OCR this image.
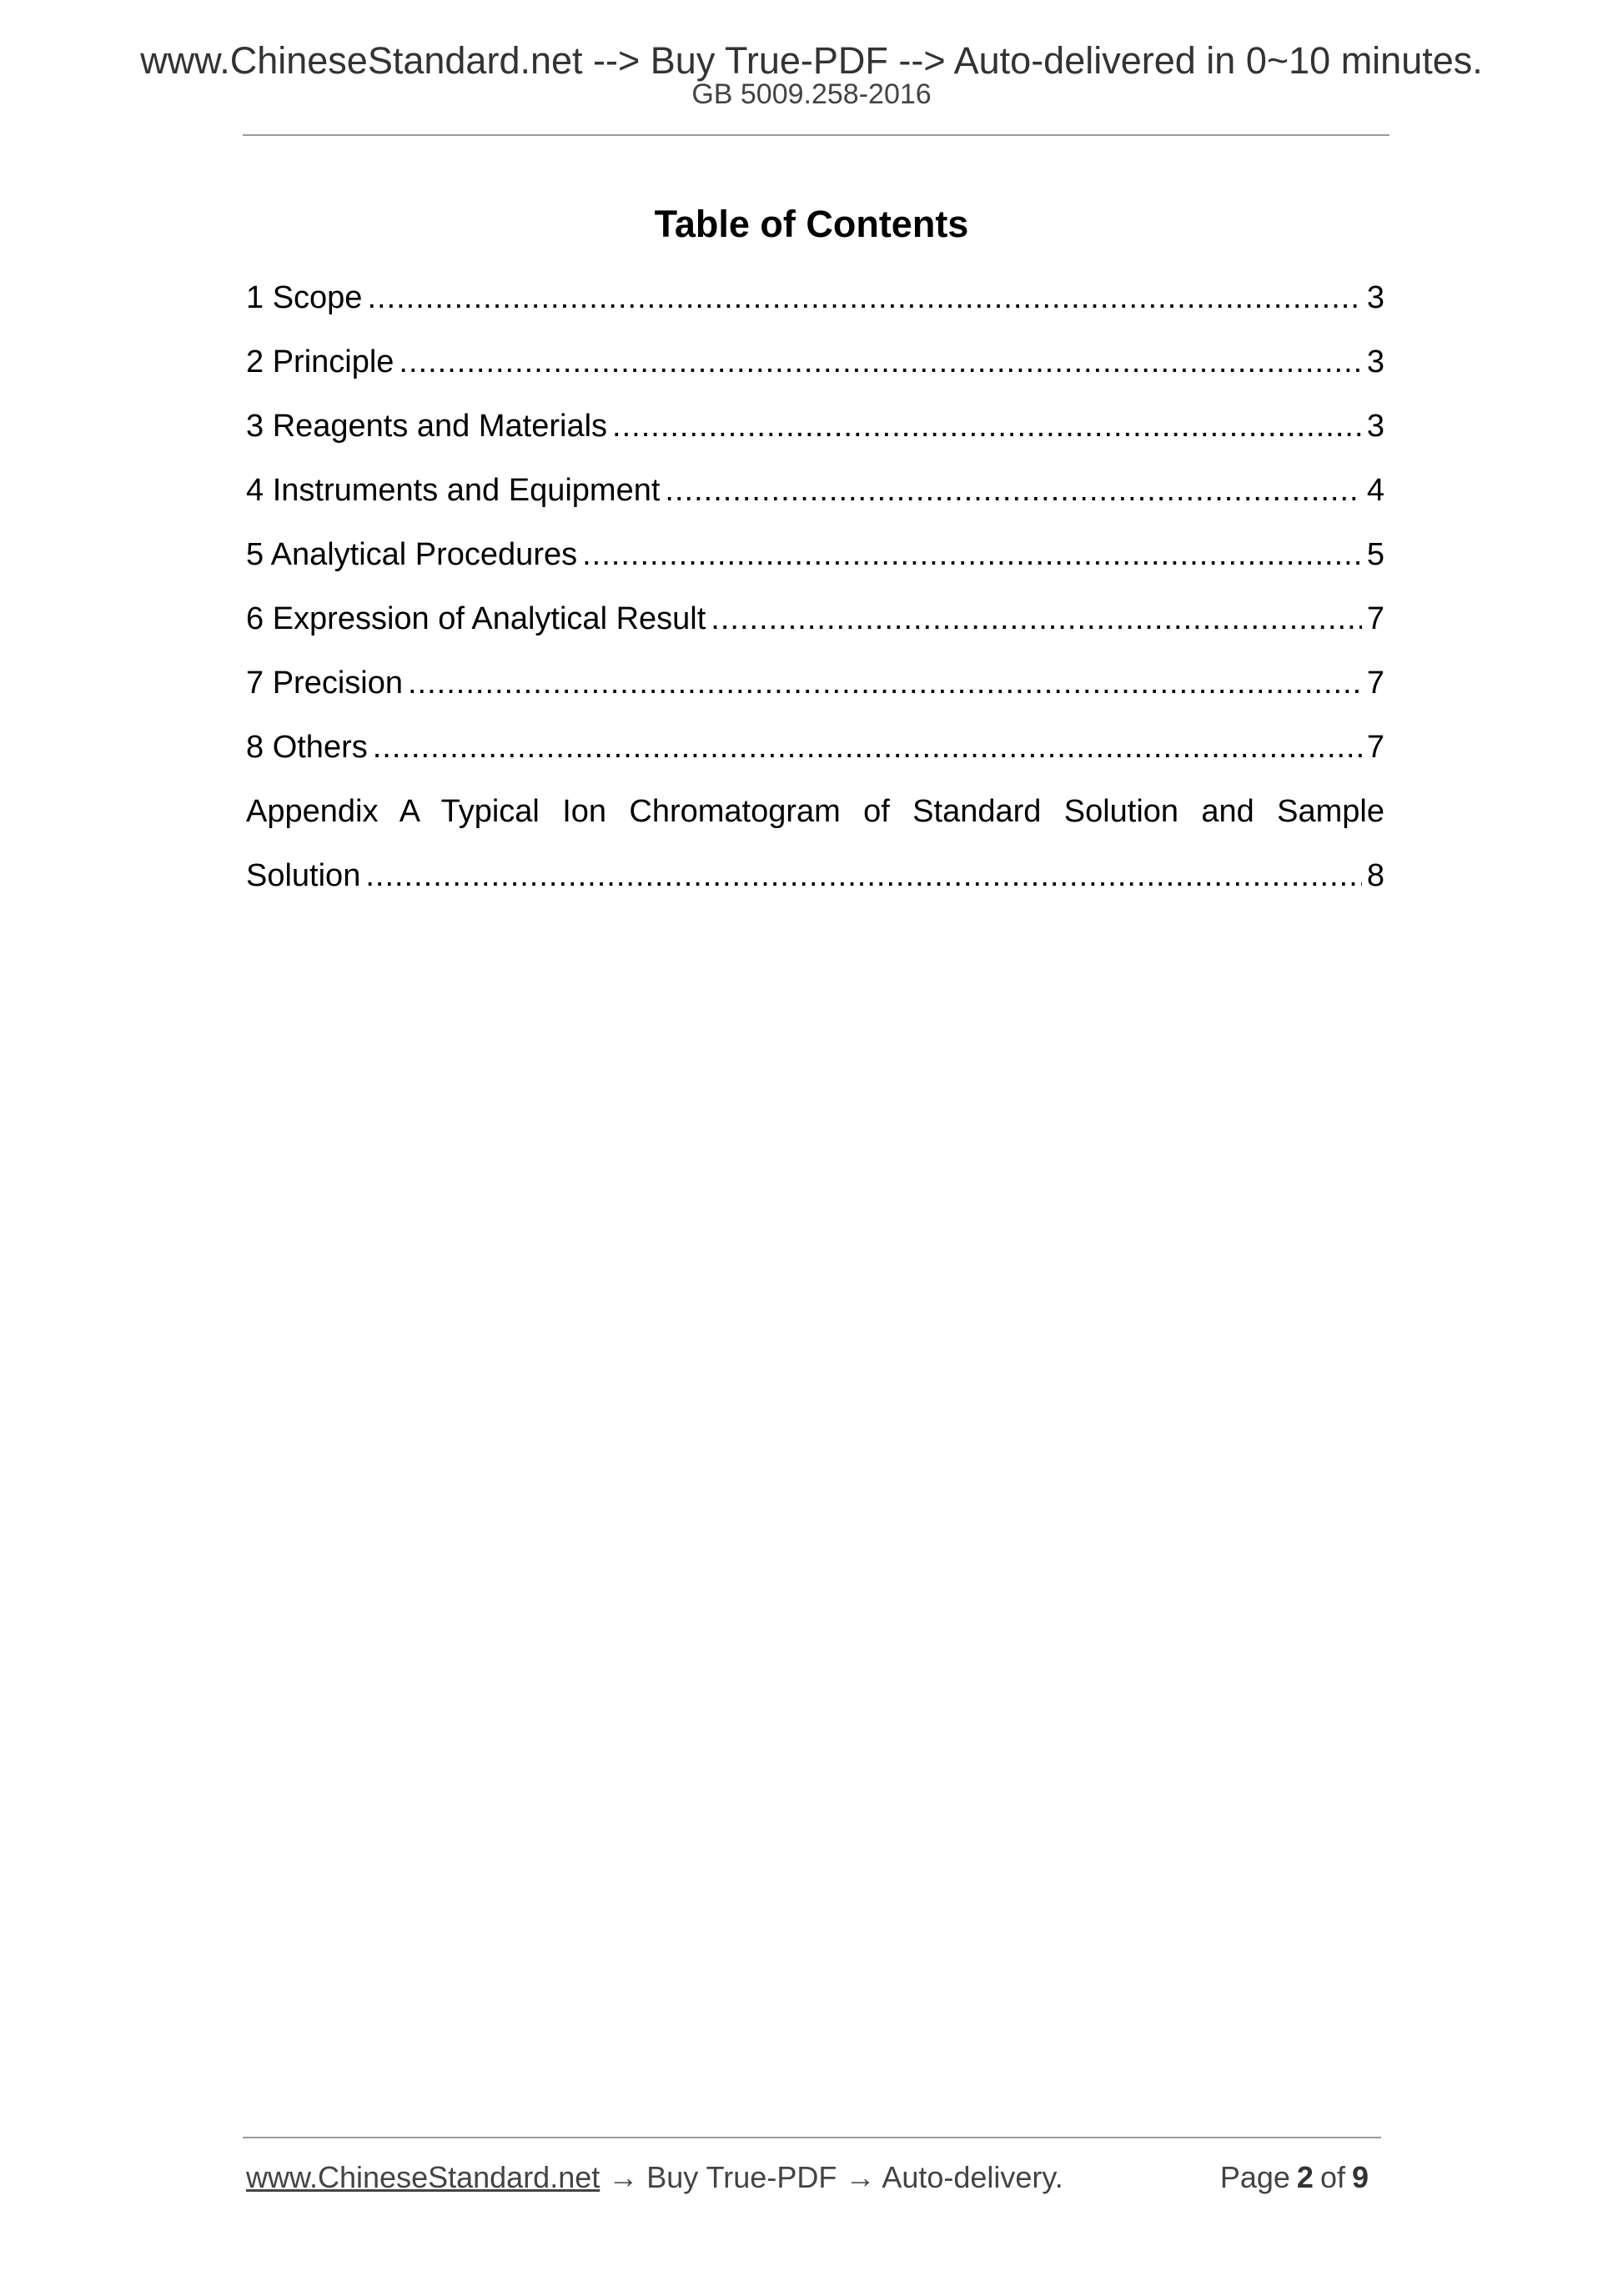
www.ChineseStandard.net --> Buy True-PDF --> Auto-delivered in 0~10 minutes.
GB 5009.258-2016
Table of Contents
1 Scope .....	3
2 Principle .....	3
3 Reagents and Materials .....	3
4 Instruments and Equipment .....	4
5 Analytical Procedures .....	5
6 Expression of Analytical Result .....	7
7 Precision .....	7
8 Others .....	7
Appendix A Typical Ion Chromatogram of Standard Solution and Sample
Solution .....	8
www.ChineseStandard.net → Buy True-PDF → Auto-delivery.	Page 2 of 9
